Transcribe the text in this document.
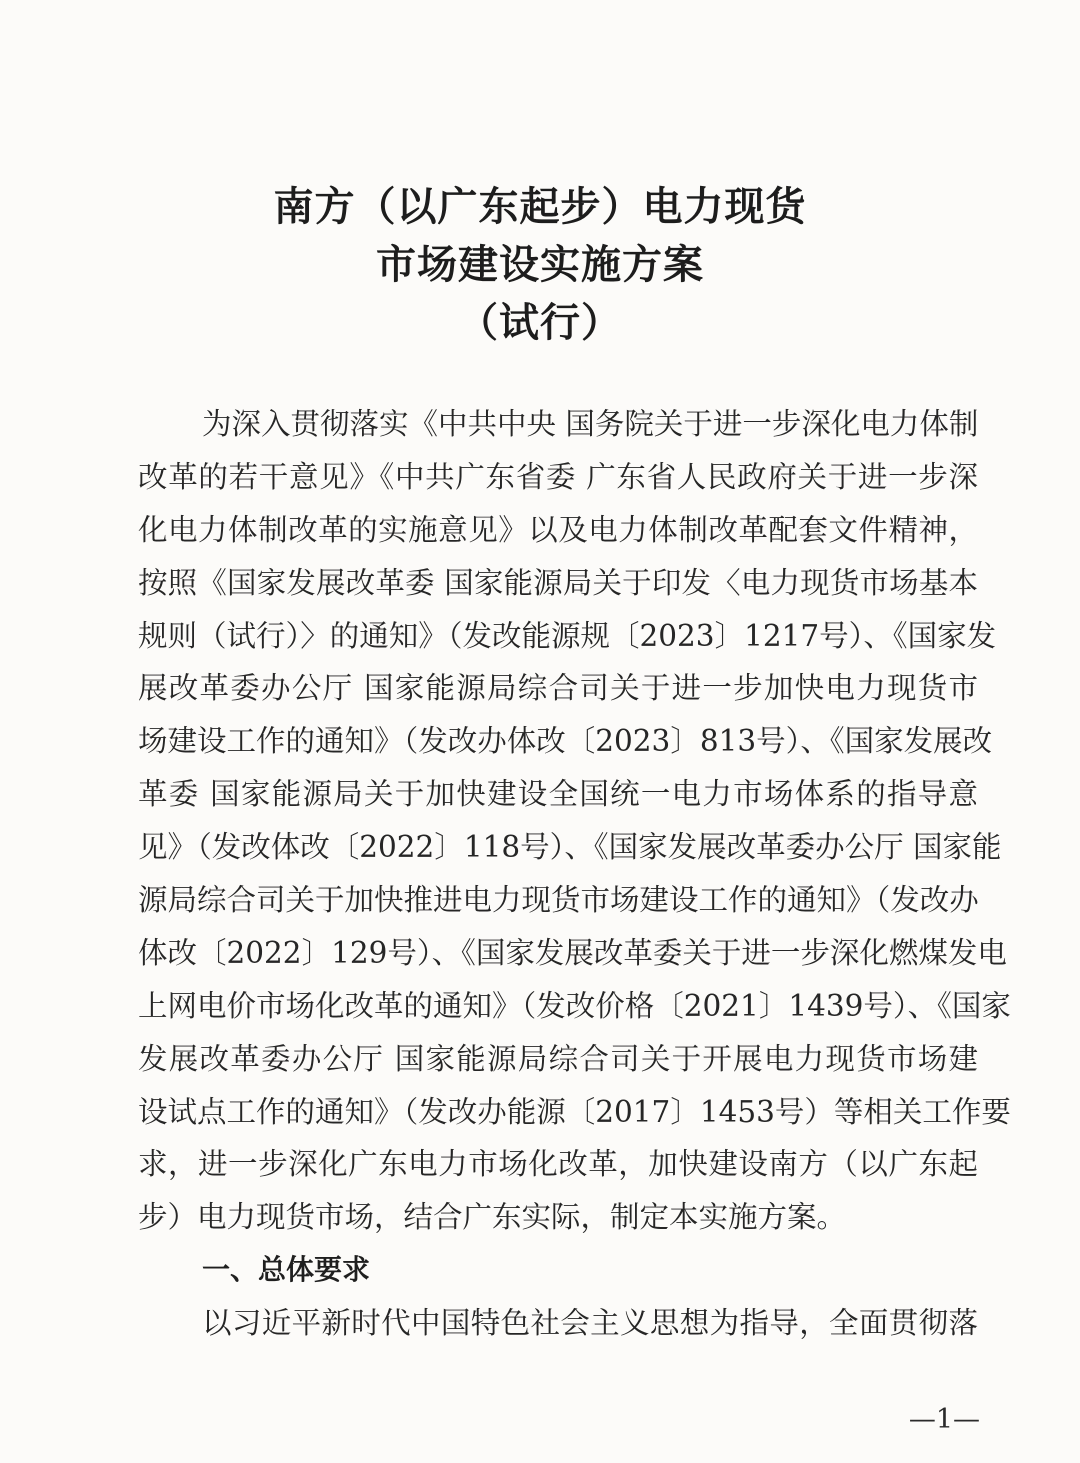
南方（以广东起步）电力现货
市场建设实施方案
（试行）
为深入贯彻落实《中共中央 国务院关于进一步深化电力体制
改革的若干意见》《中共广东省委 广东省人民政府关于进一步深
化电力体制改革的实施意见》以及电力体制改革配套文件精神，
按照《国家发展改革委 国家能源局关于印发〈电力现货市场基本
规则（试行）〉的通知》（发改能源规〔2023〕1217号）、《国家发
展改革委办公厅 国家能源局综合司关于进一步加快电力现货市
场建设工作的通知》（发改办体改〔2023〕813号）、《国家发展改
革委 国家能源局关于加快建设全国统一电力市场体系的指导意
见》（发改体改〔2022〕118号）、《国家发展改革委办公厅 国家能
源局综合司关于加快推进电力现货市场建设工作的通知》（发改办
体改〔2022〕129号）、《国家发展改革委关于进一步深化燃煤发电
上网电价市场化改革的通知》（发改价格〔2021〕1439号）、《国家
发展改革委办公厅 国家能源局综合司关于开展电力现货市场建
设试点工作的通知》（发改办能源〔2017〕1453号）等相关工作要
求，进一步深化广东电力市场化改革，加快建设南方（以广东起
步）电力现货市场，结合广东实际，制定本实施方案。
一、总体要求
以习近平新时代中国特色社会主义思想为指导，全面贯彻落
—1—
